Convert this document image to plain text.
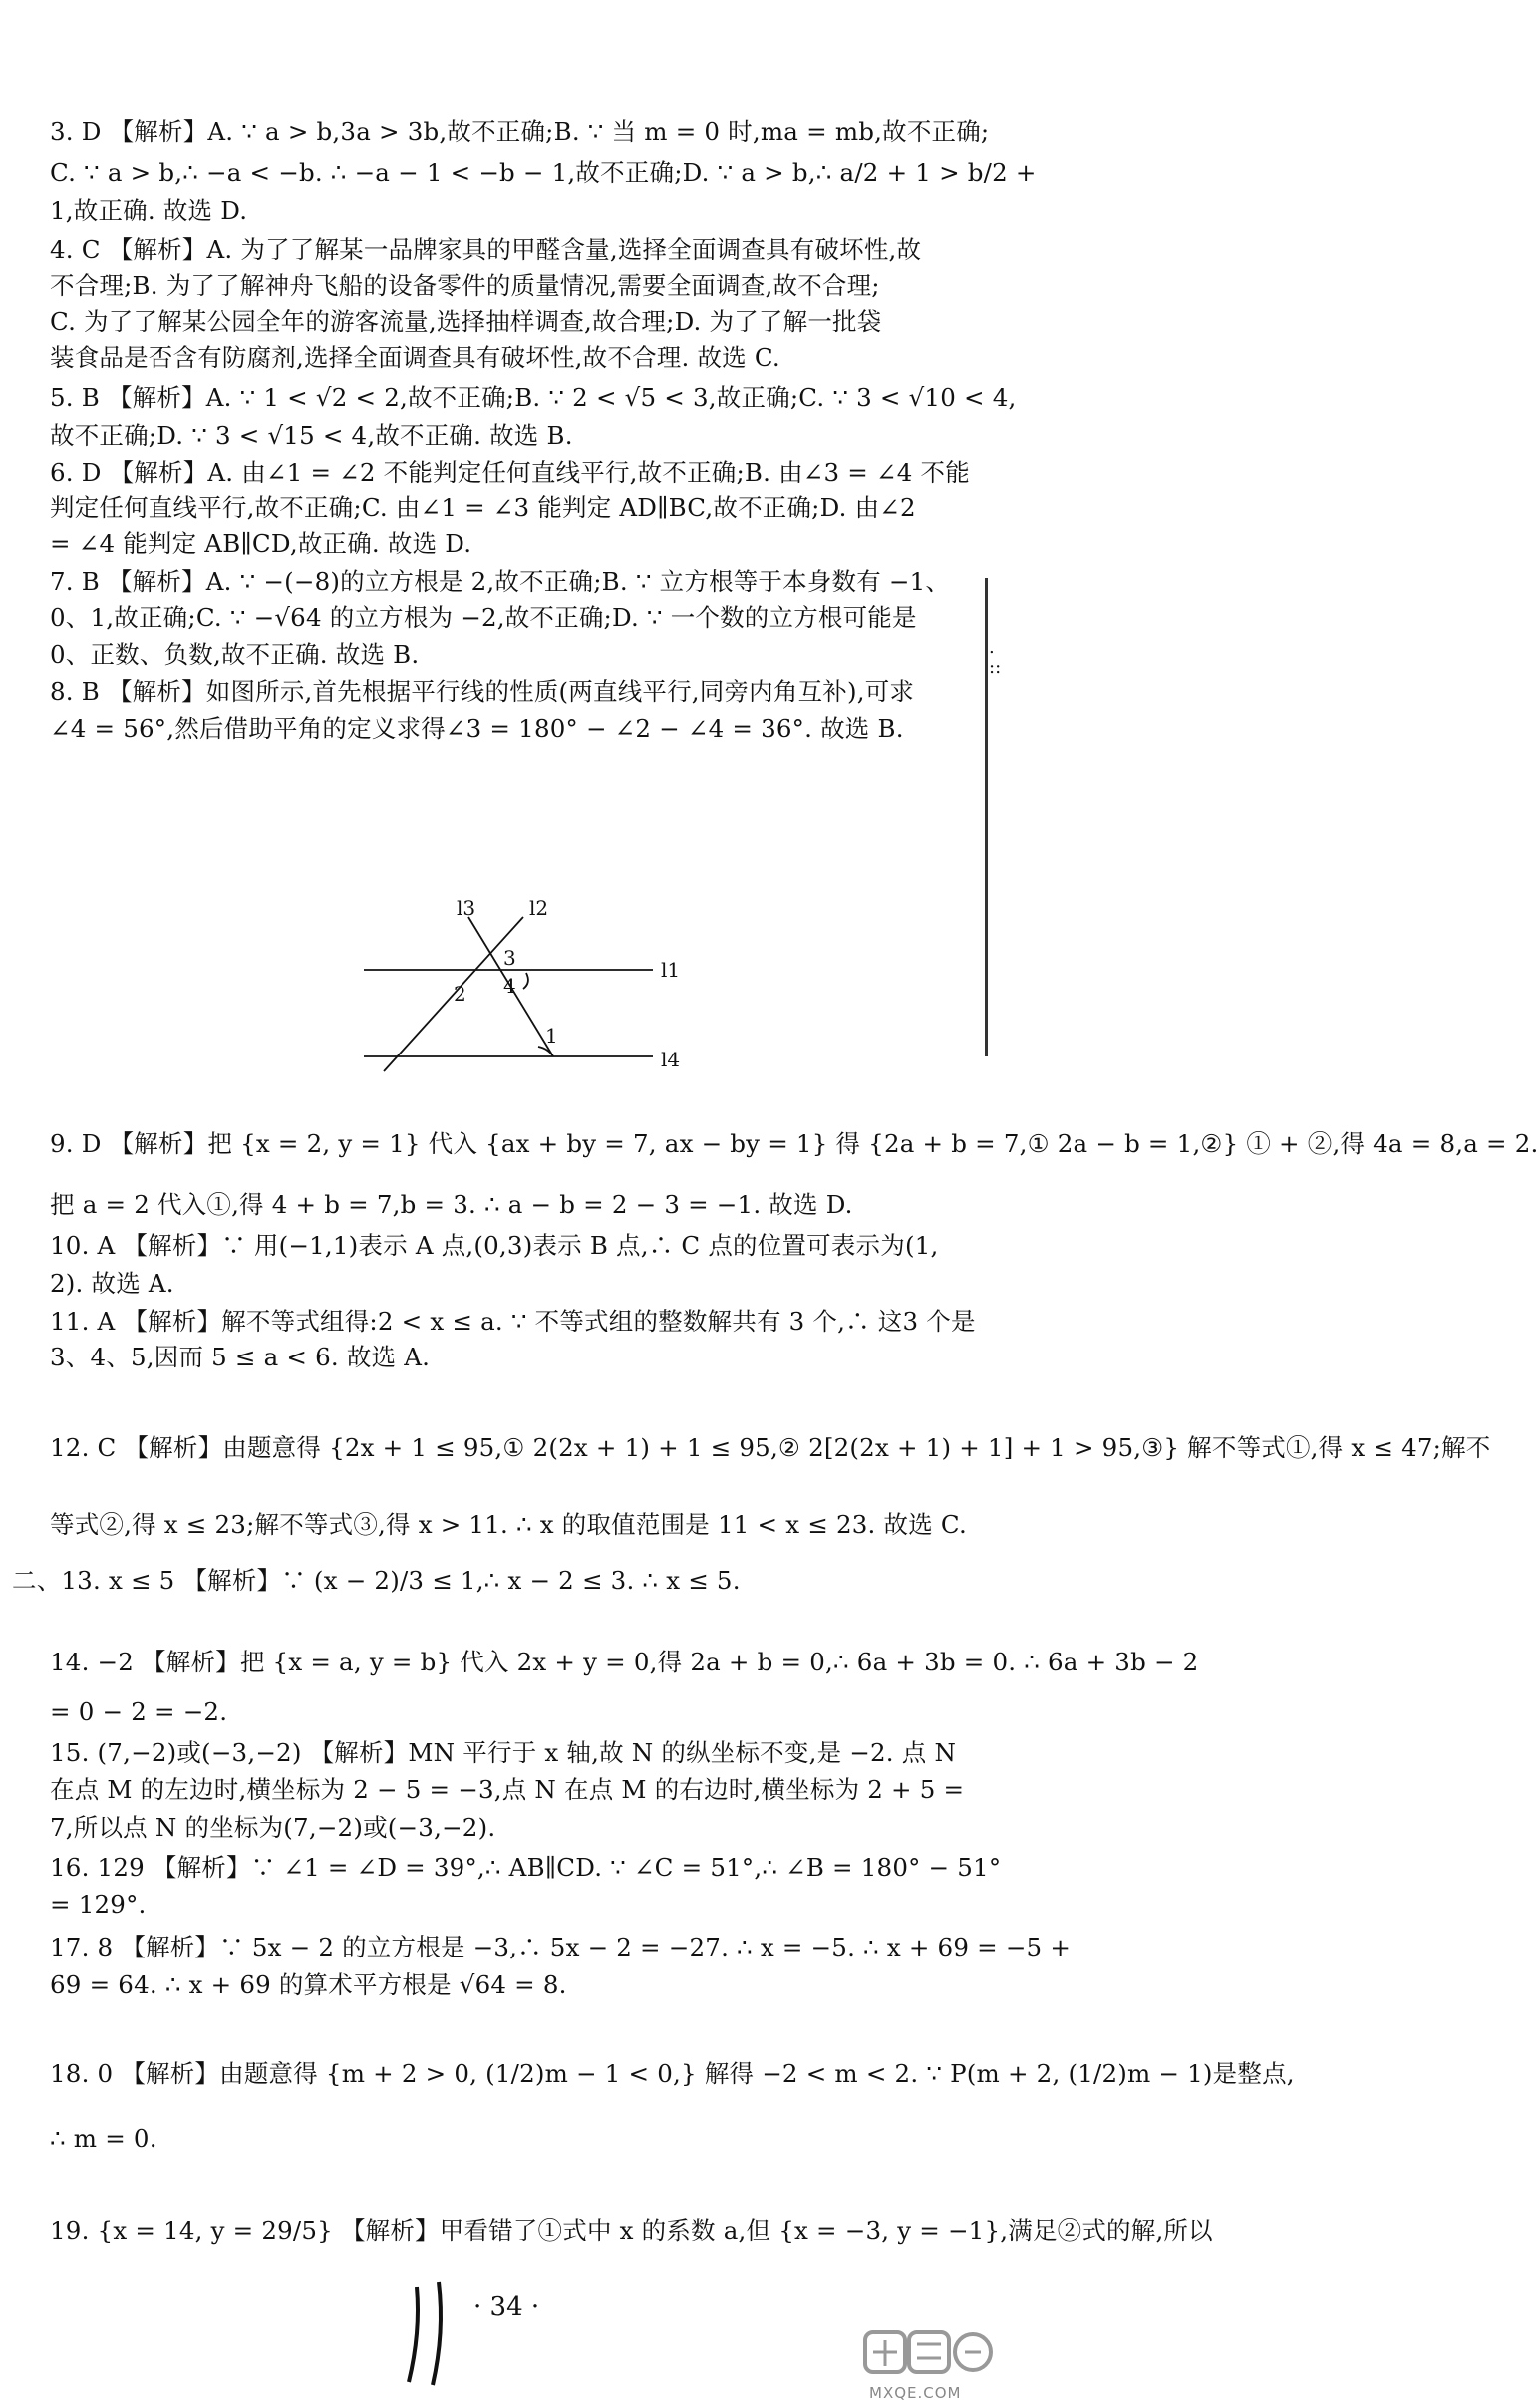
3. D 【解析】A. ∵ a > b,3a > 3b,故不正确;B. ∵ 当 m = 0 时,ma = mb,故不正确;
C. ∵ a > b,∴ −a < −b. ∴ −a − 1 < −b − 1,故不正确;D. ∵ a > b,∴ a/2 + 1 > b/2 +
1,故正确. 故选 D.
4. C 【解析】A. 为了了解某一品牌家具的甲醛含量,选择全面调查具有破坏性,故
不合理;B. 为了了解神舟飞船的设备零件的质量情况,需要全面调查,故不合理;
C. 为了了解某公园全年的游客流量,选择抽样调查,故合理;D. 为了了解一批袋
装食品是否含有防腐剂,选择全面调查具有破坏性,故不合理. 故选 C.
5. B 【解析】A. ∵ 1 < √2 < 2,故不正确;B. ∵ 2 < √5 < 3,故正确;C. ∵ 3 < √10 < 4,
故不正确;D. ∵ 3 < √15 < 4,故不正确. 故选 B.
6. D 【解析】A. 由∠1 = ∠2 不能判定任何直线平行,故不正确;B. 由∠3 = ∠4 不能
判定任何直线平行,故不正确;C. 由∠1 = ∠3 能判定 AD∥BC,故不正确;D. 由∠2
= ∠4 能判定 AB∥CD,故正确. 故选 D.
7. B 【解析】A. ∵ −(−8)的立方根是 2,故不正确;B. ∵ 立方根等于本身数有 −1、
0、1,故正确;C. ∵ −√64 的立方根为 −2,故不正确;D. ∵ 一个数的立方根可能是
0、正数、负数,故不正确. 故选 B.
8. B 【解析】如图所示,首先根据平行线的性质(两直线平行,同旁内角互补),可求
∠4 = 56°,然后借助平角的定义求得∠3 = 180° − ∠2 − ∠4 = 36°. 故选 B.
l3	l2
l1
l4
3
4
2
1
9. D 【解析】把 {x = 2, y = 1} 代入 {ax + by = 7, ax − by = 1} 得 {2a + b = 7,① 2a − b = 1,②} ① + ②,得 4a = 8,a = 2.
把 a = 2 代入①,得 4 + b = 7,b = 3. ∴ a − b = 2 − 3 = −1. 故选 D.
10. A 【解析】∵ 用(−1,1)表示 A 点,(0,3)表示 B 点,∴ C 点的位置可表示为(1,
2). 故选 A.
11. A 【解析】解不等式组得:2 < x ≤ a. ∵ 不等式组的整数解共有 3 个,∴ 这3 个是
3、4、5,因而 5 ≤ a < 6. 故选 A.
12. C 【解析】由题意得 {2x + 1 ≤ 95,① 2(2x + 1) + 1 ≤ 95,② 2[2(2x + 1) + 1] + 1 > 95,③} 解不等式①,得 x ≤ 47;解不
等式②,得 x ≤ 23;解不等式③,得 x > 11. ∴ x 的取值范围是 11 < x ≤ 23. 故选 C.
二、13. x ≤ 5 【解析】∵ (x − 2)/3 ≤ 1,∴ x − 2 ≤ 3. ∴ x ≤ 5.
14. −2 【解析】把 {x = a, y = b} 代入 2x + y = 0,得 2a + b = 0,∴ 6a + 3b = 0. ∴ 6a + 3b − 2
= 0 − 2 = −2.
15. (7,−2)或(−3,−2) 【解析】MN 平行于 x 轴,故 N 的纵坐标不变,是 −2. 点 N
在点 M 的左边时,横坐标为 2 − 5 = −3,点 N 在点 M 的右边时,横坐标为 2 + 5 =
7,所以点 N 的坐标为(7,−2)或(−3,−2).
16. 129 【解析】∵ ∠1 = ∠D = 39°,∴ AB∥CD. ∵ ∠C = 51°,∴ ∠B = 180° − 51°
= 129°.
17. 8 【解析】∵ 5x − 2 的立方根是 −3,∴ 5x − 2 = −27. ∴ x = −5. ∴ x + 69 = −5 +
69 = 64. ∴ x + 69 的算术平方根是 √64 = 8.
18. 0 【解析】由题意得 {m + 2 > 0, (1/2)m − 1 < 0,} 解得 −2 < m < 2. ∵ P(m + 2, (1/2)m − 1)是整点,
∴ m = 0.
19. {x = 14, y = 29/5} 【解析】甲看错了①式中 x 的系数 a,但 {x = −3, y = −1},满足②式的解,所以
.
::
· 34 ·
MXQE.COM
